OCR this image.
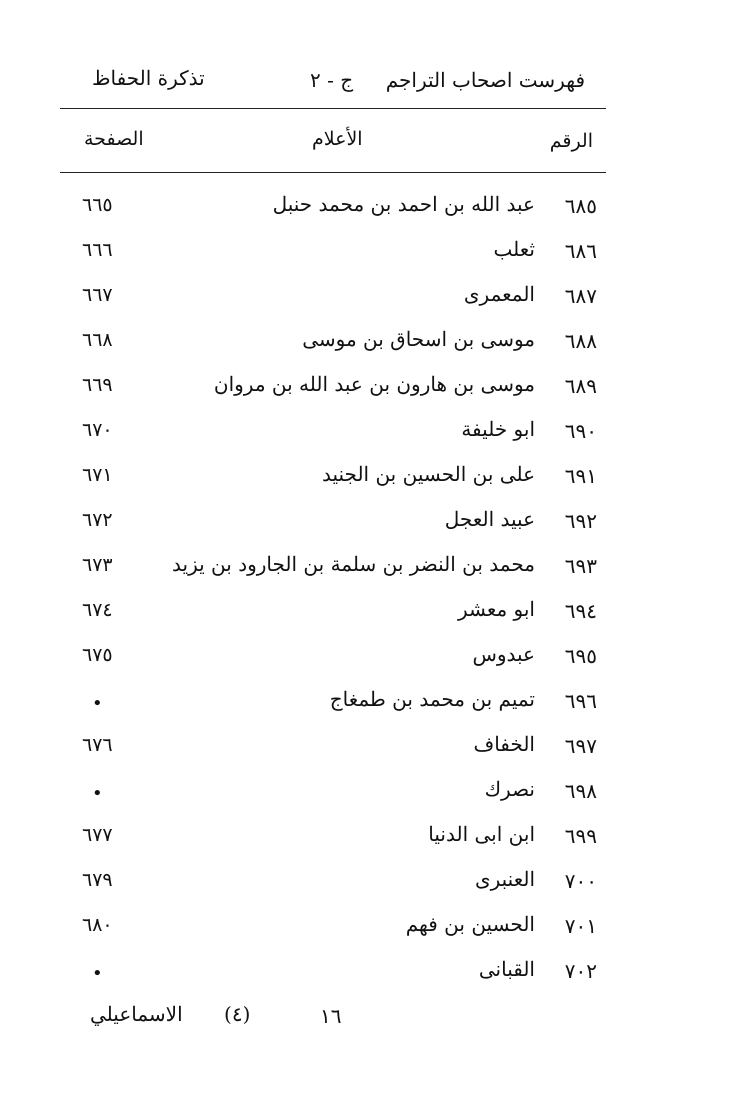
تذكرة الحفاظ	ج - ٢ فهرست اصحاب التراجم
الصفحة	الأعلام	الرقم
٦٦٥	عبد الله بن احمد بن محمد حنبل ٦٨٥
٦٦٦	ثعلب ٦٨٦
٦٦٧	المعمرى ٦٨٧
٦٦٨	موسى بن اسحاق بن موسى ٦٨٨
٦٦٩	موسى بن هارون بن عبد الله بن مروان ٦٨٩
٦٧٠	ابو خليفة ٦٩٠
٦٧١	على بن الحسين بن الجنيد ٦٩١
٦٧٢	عبيد العجل ٦٩٢
٦٧٣	محمد بن النضر بن سلمة بن الجارود بن يزيد ٦٩٣
٦٧٤	ابو معشر ٦٩٤
٦٧٥	عبدوس ٦٩٥
•	تميم بن محمد بن طمغاج ٦٩٦
٦٧٦	الخفاف ٦٩٧
•	نصرك ٦٩٨
٦٧٧	ابن ابى الدنيا ٦٩٩
٦٧٩	العنبرى ٧٠٠
٦٨٠	الحسين بن فهم ٧٠١
•	القبانى ٧٠٢
الاسماعيلي (٤)	١٦
